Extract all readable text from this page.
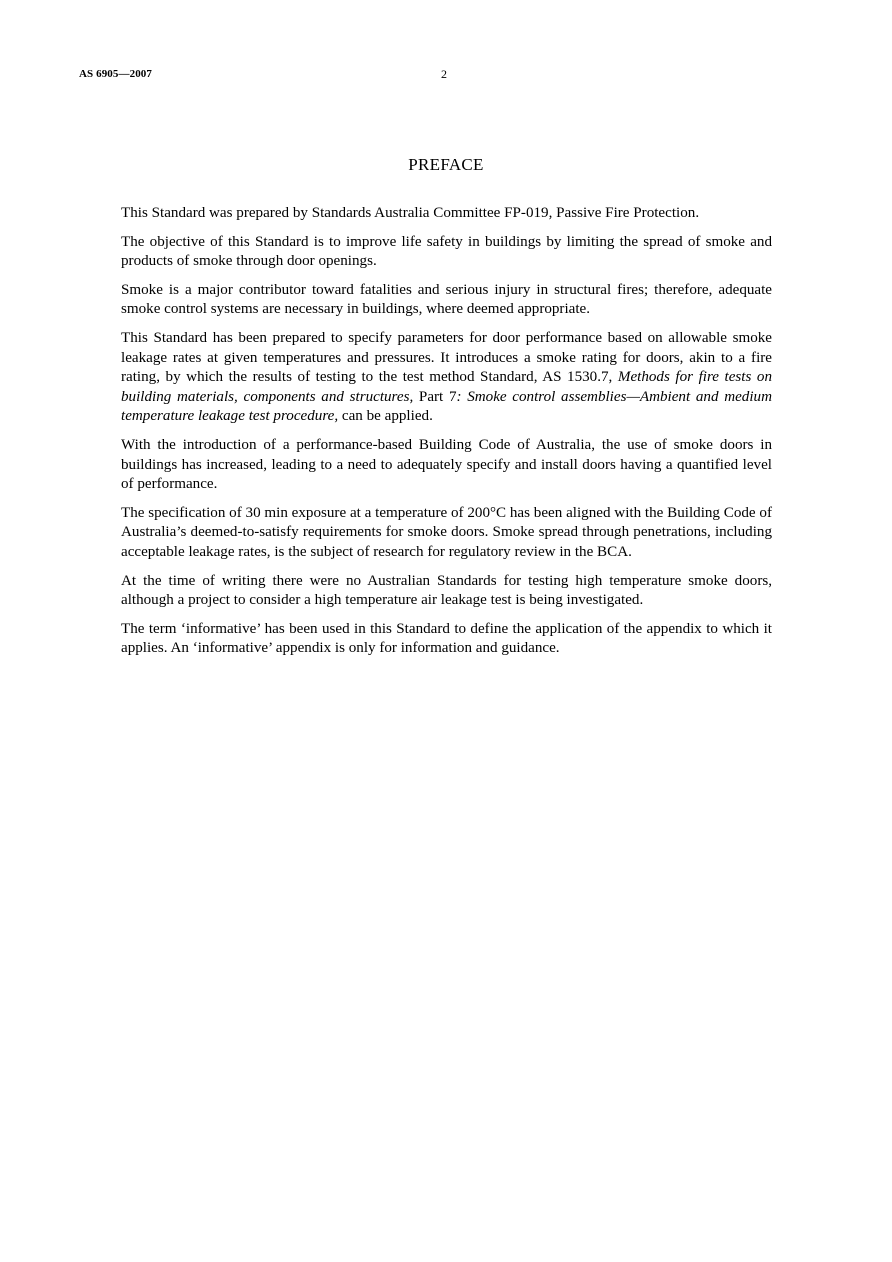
AS 6905—2007	2
PREFACE

This Standard was prepared by Standards Australia Committee FP-019, Passive Fire Protection.

The objective of this Standard is to improve life safety in buildings by limiting the spread of smoke and products of smoke through door openings.

Smoke is a major contributor toward fatalities and serious injury in structural fires; therefore, adequate smoke control systems are necessary in buildings, where deemed appropriate.

This Standard has been prepared to specify parameters for door performance based on allowable smoke leakage rates at given temperatures and pressures. It introduces a smoke rating for doors, akin to a fire rating, by which the results of testing to the test method Standard, AS 1530.7, Methods for fire tests on building materials, components and structures, Part 7: Smoke control assemblies—Ambient and medium temperature leakage test procedure, can be applied.

With the introduction of a performance-based Building Code of Australia, the use of smoke doors in buildings has increased, leading to a need to adequately specify and install doors having a quantified level of performance.

The specification of 30 min exposure at a temperature of 200°C has been aligned with the Building Code of Australia’s deemed-to-satisfy requirements for smoke doors. Smoke spread through penetrations, including acceptable leakage rates, is the subject of research for regulatory review in the BCA.

At the time of writing there were no Australian Standards for testing high temperature smoke doors, although a project to consider a high temperature air leakage test is being investigated.

The term ‘informative’ has been used in this Standard to define the application of the appendix to which it applies. An ‘informative’ appendix is only for information and guidance.
